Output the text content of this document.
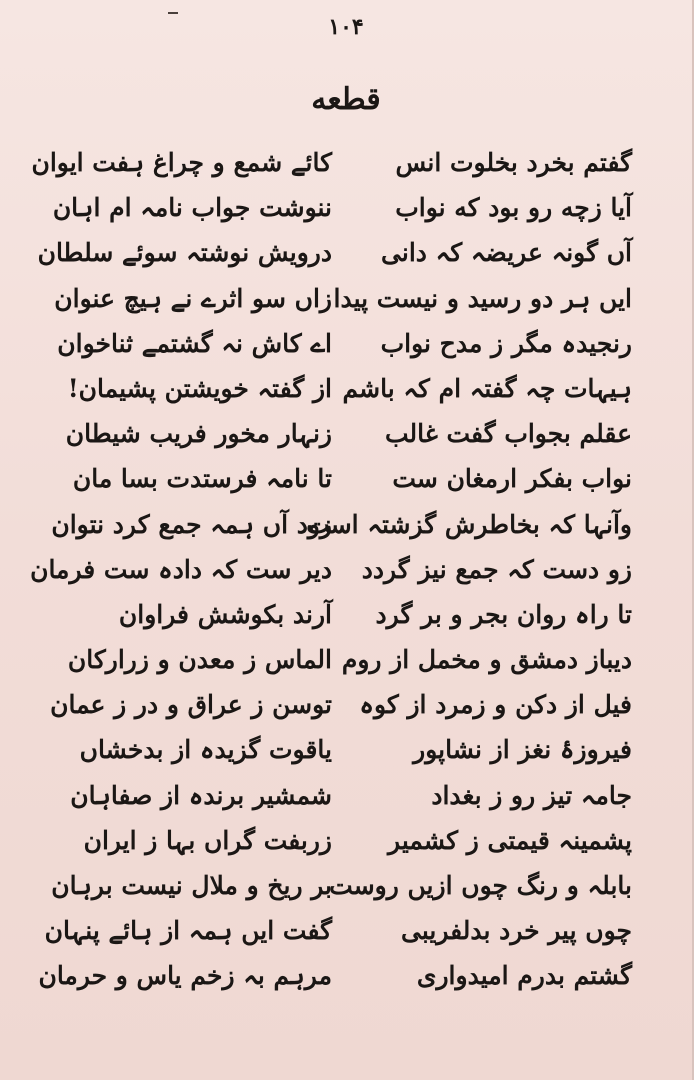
۱۰۴
قطعه
گفتم بخرد بخلوت انس
آیا زچه رو بود که نواب
آں گونہ عریضہ کہ دانی
ایں ہر دو رسید و نیست پیدا
رنجیدہ مگر ز مدح نواب
ہیہات چہ گفتہ ام کہ باشم
عقلم بجواب گفت غالب
نواب بفکر ارمغان ست
وآنہا کہ بخاطرش گزشتہ است
زو دست کہ جمع نیز گردد
تا راہ روان بجر و بر گرد
دیباز دمشق و مخمل از روم
فیل از دکن و زمرد از کوہ
فیروزۂ نغز از نشاپور
جامہ تیز رو ز بغداد
پشمینہ قیمتی ز کشمیر
بابلہ و رنگ چوں ازیں روست
چوں پیر خرد بدلفریبی
گشتم بدرم امیدواری
کائے شمع و چراغ ہفت ایوان
ننوشت جواب نامہ ام اہان
درویش نوشتہ سوئے سلطان
زاں سو اثرے نے ہیچ عنوان
اے کاش نہ گشتمے ثناخوان
از گفتہ خویشتن پشیمان!
زنہار مخور فریب شیطان
تا نامہ فرستدت بسا مان
زود آں ہمہ جمع کرد نتوان
دیر ست کہ دادہ ست فرمان
آرند بکوشش فراوان
الماس ز معدن و زرارکان
توسن ز عراق و در ز عمان
یاقوت گزیدہ از بدخشاں
شمشیر برندہ از صفاہان
زربفت گراں بہا ز ایران
بر ریخ و ملال نیست برہان
گفت ایں ہمہ از ہائے پنہان
مرہم بہ زخم یاس و حرمان
